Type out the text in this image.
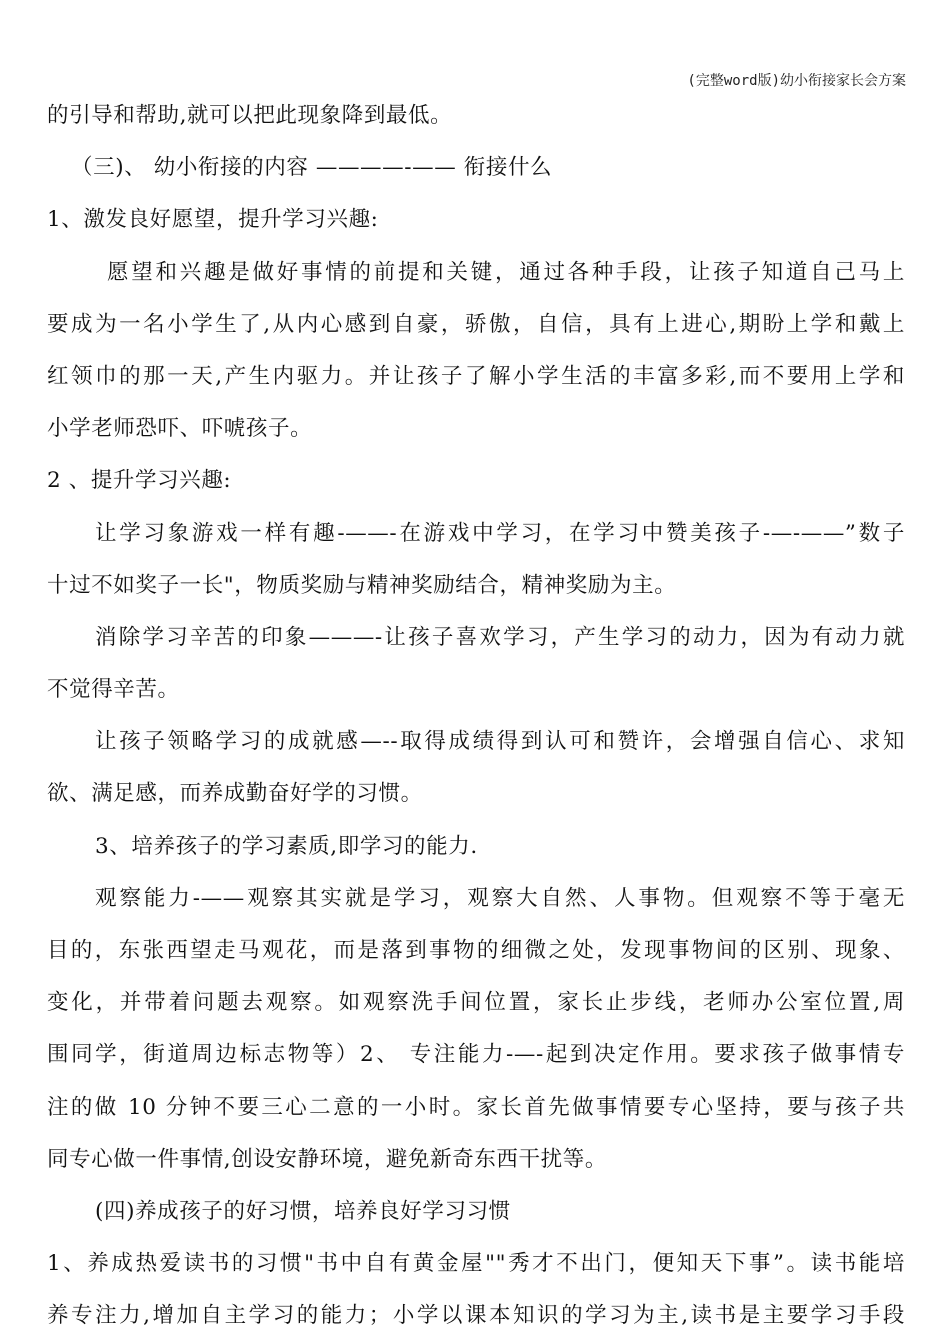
(完整word版)幼小衔接家长会方案
的引导和帮助,就可以把此现象降到最低。
（三)、 幼小衔接的内容 ————-—— 衔接什么
1、激发良好愿望，提升学习兴趣:
愿望和兴趣是做好事情的前提和关键，通过各种手段，让孩子知道自己马上
要成为一名小学生了,从内心感到自豪，骄傲，自信，具有上进心,期盼上学和戴上
红领巾的那一天,产生内驱力。并让孩子了解小学生活的丰富多彩,而不要用上学和
小学老师恐吓、吓唬孩子。
2 、提升学习兴趣:
让学习象游戏一样有趣-——-在游戏中学习，在学习中赞美孩子-—-——”数子
十过不如奖子一长"，物质奖励与精神奖励结合，精神奖励为主。
消除学习辛苦的印象———-让孩子喜欢学习，产生学习的动力，因为有动力就
不觉得辛苦。
让孩子领略学习的成就感—--取得成绩得到认可和赞许，会增强自信心、求知
欲、满足感，而养成勤奋好学的习惯。
3、培养孩子的学习素质,即学习的能力.
观察能力-——观察其实就是学习，观察大自然、人事物。但观察不等于毫无
目的，东张西望走马观花，而是落到事物的细微之处，发现事物间的区别、现象、
变化，并带着问题去观察。如观察洗手间位置，家长止步线，老师办公室位置,周
围同学，街道周边标志物等）2、 专注能力-—-起到决定作用。要求孩子做事情专
注的做 10 分钟不要三心二意的一小时。家长首先做事情要专心坚持，要与孩子共
同专心做一件事情,创设安静环境，避免新奇东西干扰等。
(四)养成孩子的好习惯，培养良好学习习惯
1、养成热爱读书的习惯"书中自有黄金屋""秀才不出门，便知天下事”。读书能培
养专注力,增加自主学习的能力；小学以课本知识的学习为主,读书是主要学习手段
